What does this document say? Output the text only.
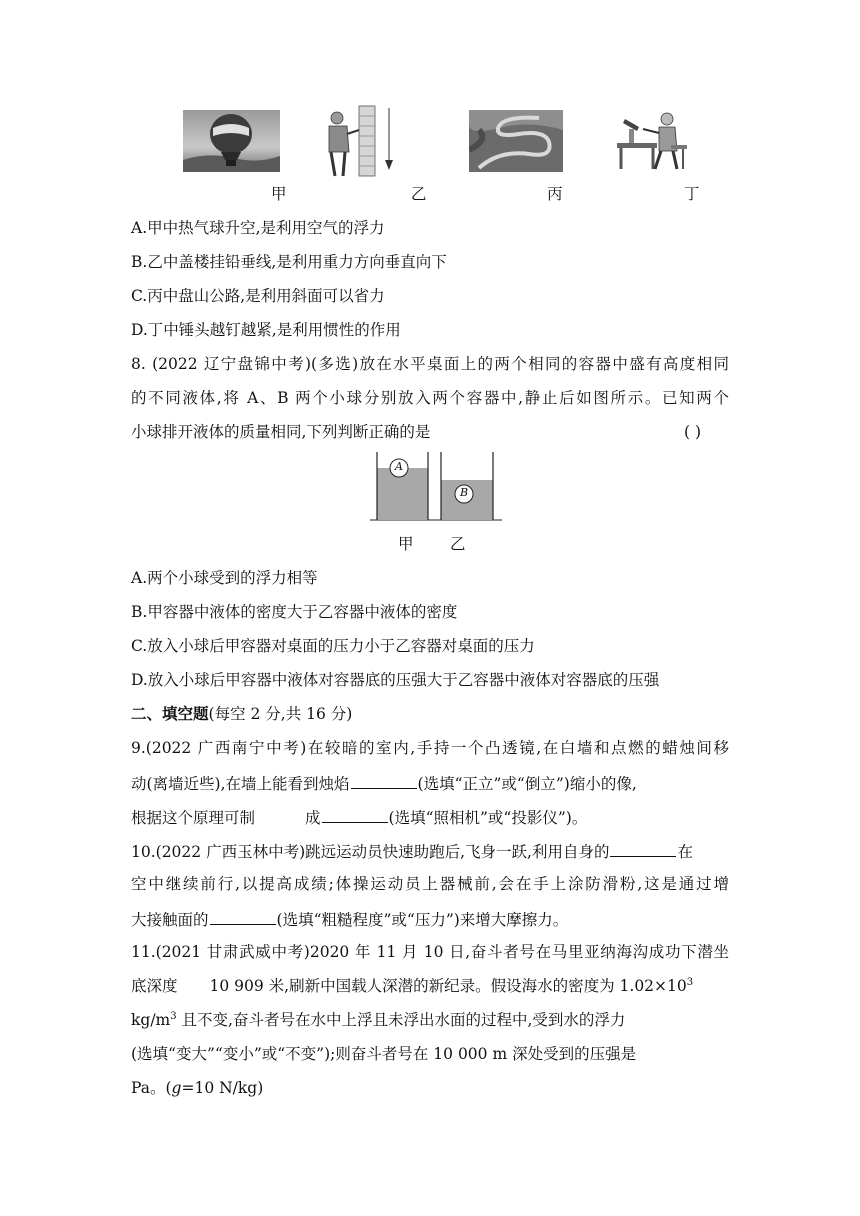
甲	乙	丙	丁
A.甲中热气球升空,是利用空气的浮力
B.乙中盖楼挂铅垂线,是利用重力方向垂直向下
C.丙中盘山公路,是利用斜面可以省力
D.丁中锤头越钉越紧,是利用惯性的作用
8. (2022 辽宁盘锦中考)(多选)放在水平桌面上的两个相同的容器中盛有高度相同
的不同液体,将 A、B 两个小球分别放入两个容器中,静止后如图所示。已知两个
小球排开液体的质量相同,下列判断正确的是	( )
A
B
甲 乙
A.两个小球受到的浮力相等
B.甲容器中液体的密度大于乙容器中液体的密度
C.放入小球后甲容器对桌面的压力小于乙容器对桌面的压力
D.放入小球后甲容器中液体对容器底的压强大于乙容器中液体对容器底的压强
二、填空题(每空 2 分,共 16 分)
9.(2022 广西南宁中考)在较暗的室内,手持一个凸透镜,在白墙和点燃的蜡烛间移
动(离墙近些),在墙上能看到烛焰	(选填“正立”或“倒立”)缩小的像,
根据这个原理可制	成	(选填“照相机”或“投影仪”)。
10.(2022 广西玉林中考)跳远运动员快速助跑后,飞身一跃,利用自身的	在
空中继续前行,以提高成绩;体操运动员上器械前,会在手上涂防滑粉,这是通过增
大接触面的	(选填“粗糙程度”或“压力”)来增大摩擦力。
11.(2021 甘肃武威中考)2020 年 11 月 10 日,奋斗者号在马里亚纳海沟成功下潜坐
底深度 10 909 米,刷新中国载人深潜的新纪录。假设海水的密度为 $1.02\times 10^3$
$kg/m^3$ 且不变,奋斗者号在水中上浮且未浮出水面的过程中,受到水的浮力
(选填“变大”“变小”或“不变”);则奋斗者号在 10 000 m 深处受到的压强是
Pa。(g=10 N/kg)
